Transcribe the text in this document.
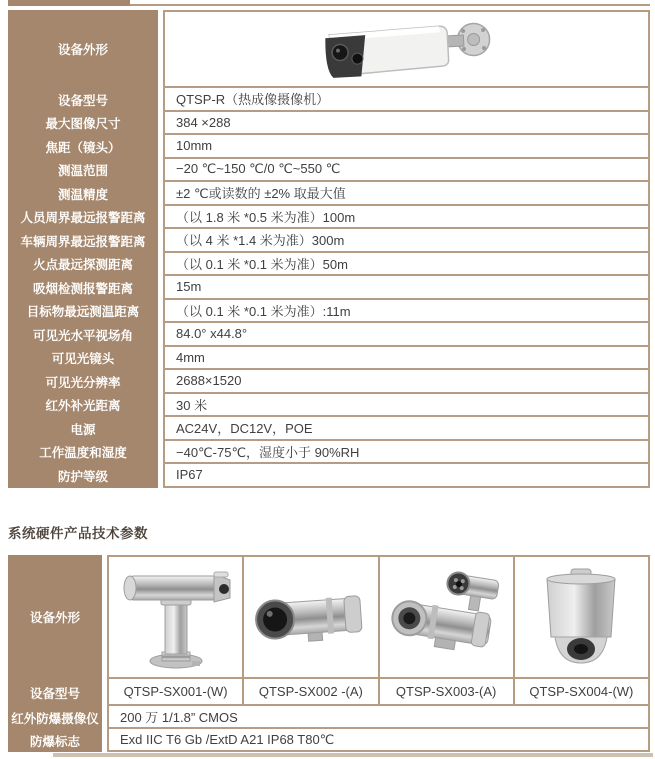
设备外形
设备型号	QTSP-R（热成像摄像机）
最大图像尺寸	384 ×288
焦距（镜头）	10mm
测温范围	−20 ℃~150 ℃/0 ℃~550 ℃
测温精度	±2 ℃或读数的 ±2% 取最大值
人员周界最远报警距离	（以 1.8 米 *0.5 米为准）100m
车辆周界最远报警距离	（以 4 米 *1.4 米为准）300m
火点最远探测距离	（以 0.1 米 *0.1 米为准）50m
吸烟检测报警距离	15m
目标物最远测温距离	（以 0.1 米 *0.1 米为准）:11m
可见光水平视场角	84.0° x44.8°
可见光镜头	4mm
可见光分辨率	2688×1520
红外补光距离	30 米
电源	AC24V，DC12V，POE
工作温度和湿度	−40℃-75℃，湿度小于 90%RH
防护等级	IP67
系统硬件产品技术参数
设备外形
设备型号	QTSP-SX001-(W)	QTSP-SX002 -(A)	QTSP-SX003-(A)	QTSP-SX004-(W)
红外防爆摄像仪	200 万 1/1.8” CMOS
防爆标志	Exd IIC T6 Gb /ExtD A21 IP68 T80℃
